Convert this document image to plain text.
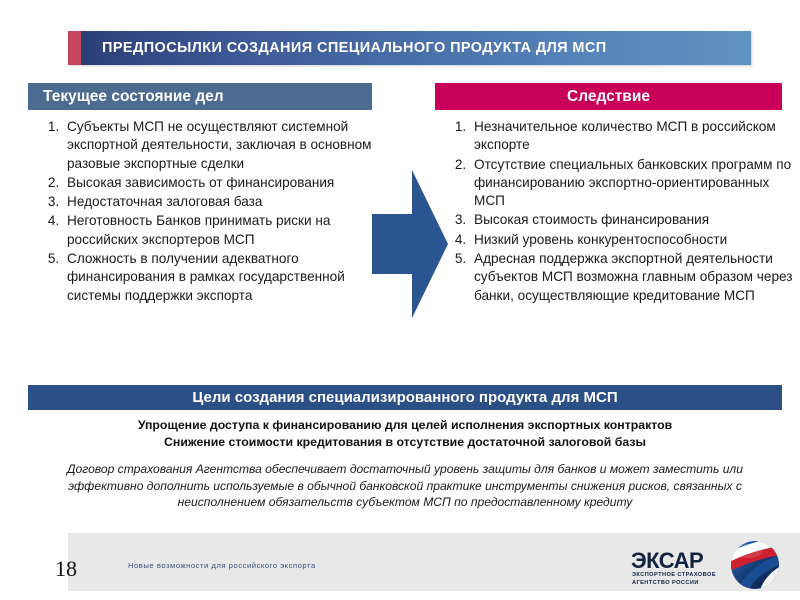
ПРЕДПОСЫЛКИ СОЗДАНИЯ СПЕЦИАЛЬНОГО ПРОДУКТА ДЛЯ МСП
Текущее состояние дел
1. Субъекты МСП не осуществляют системной экспортной деятельности, заключая в основном разовые экспортные сделки
2. Высокая зависимость от финансирования
3. Недостаточная залоговая база
4. Неготовность Банков принимать риски на российских экспортеров МСП
5. Сложность в получении адекватного финансирования в рамках государственной системы поддержки экспорта
Следствие
1. Незначительное количество МСП в российском экспорте
2. Отсутствие специальных банковских программ по финансированию экспортно-ориентированных МСП
3. Высокая стоимость финансирования
4. Низкий уровень конкурентоспособности
5. Адресная поддержка экспортной деятельности субъектов МСП возможна главным образом через банки, осуществляющие кредитование МСП
Цели создания специализированного продукта для МСП
Упрощение доступа к финансированию для целей исполнения экспортных контрактов
Снижение стоимости кредитования в отсутствие достаточной залоговой базы
Договор страхования Агентства обеспечивает достаточный уровень защиты для банков и может заместить или эффективно дополнить используемые в обычной банковской практике инструменты снижения рисков, связанных с неисполнением обязательств субъектом МСП по предоставленному кредиту
18	Новые возможности для российского экспорта	ЭКСАР
ЭКСПОРТНОЕ СТРАХОВОЕ
АГЕНТСТВО РОССИИ
